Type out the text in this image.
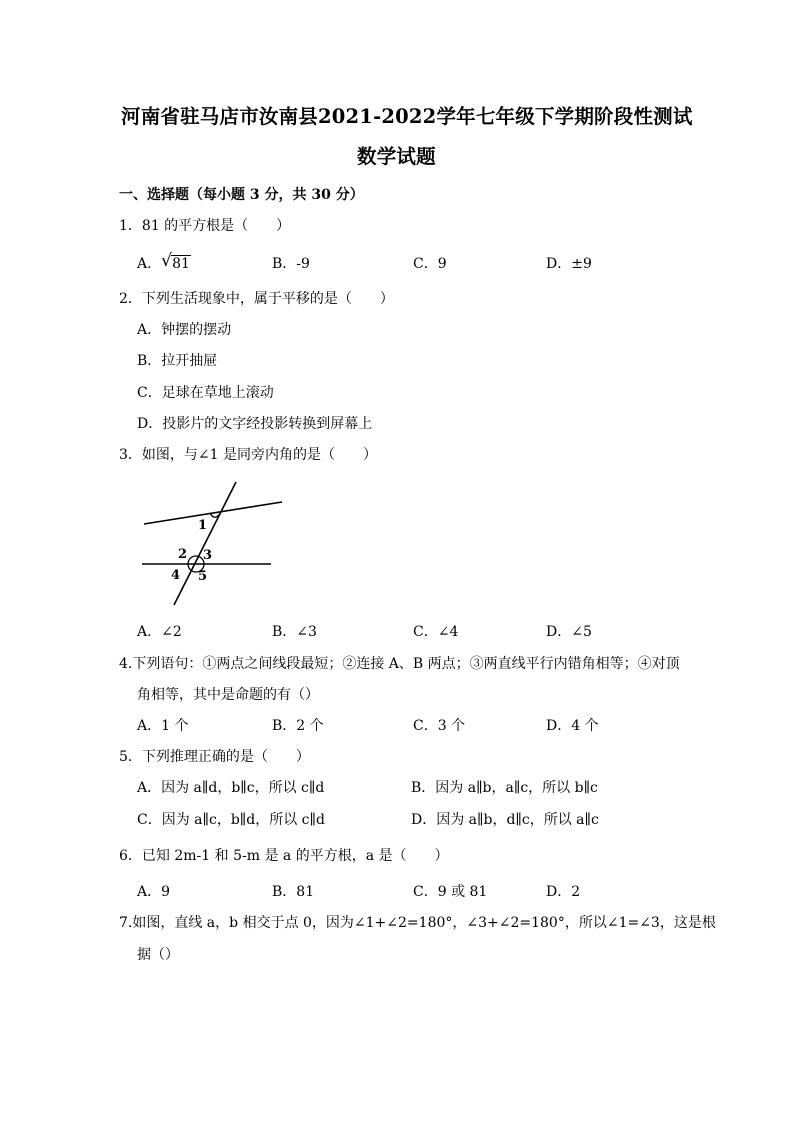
河南省驻马店市汝南县2021-2022学年七年级下学期阶段性测试
数学试题
一、选择题（每小题 3 分，共 30 分）
1．81 的平方根是（　　）
A． √ 81	B．-9	C．9	D．±9
2．下列生活现象中，属于平移的是（　　）
A．钟摆的摆动
B．拉开抽屉
C．足球在草地上滚动
D．投影片的文字经投影转换到屏幕上
3．如图，与∠1 是同旁内角的是（　　）
1
2 3
4 5
A．∠2	B．∠3	C．∠4	D．∠5
4.下列语句：①两点之间线段最短；②连接 A、B 两点；③两直线平行内错角相等；④对顶
角相等，其中是命题的有（）
A．1 个	B．2 个	C．3 个	D．4 个
5．下列推理正确的是（　　）
A．因为 a∥d，b∥c，所以 c∥d	B．因为 a∥b，a∥c，所以 b∥c
C．因为 a∥c，b∥d，所以 c∥d	D．因为 a∥b，d∥c，所以 a∥c
6．已知 2m-1 和 5-m 是 a 的平方根，a 是（　　）
A．9	B．81	C．9 或 81	D．2
7.如图，直线 a，b 相交于点 0，因为∠1+∠2=180°，∠3+∠2=180°，所以∠1=∠3，这是根
据（）
